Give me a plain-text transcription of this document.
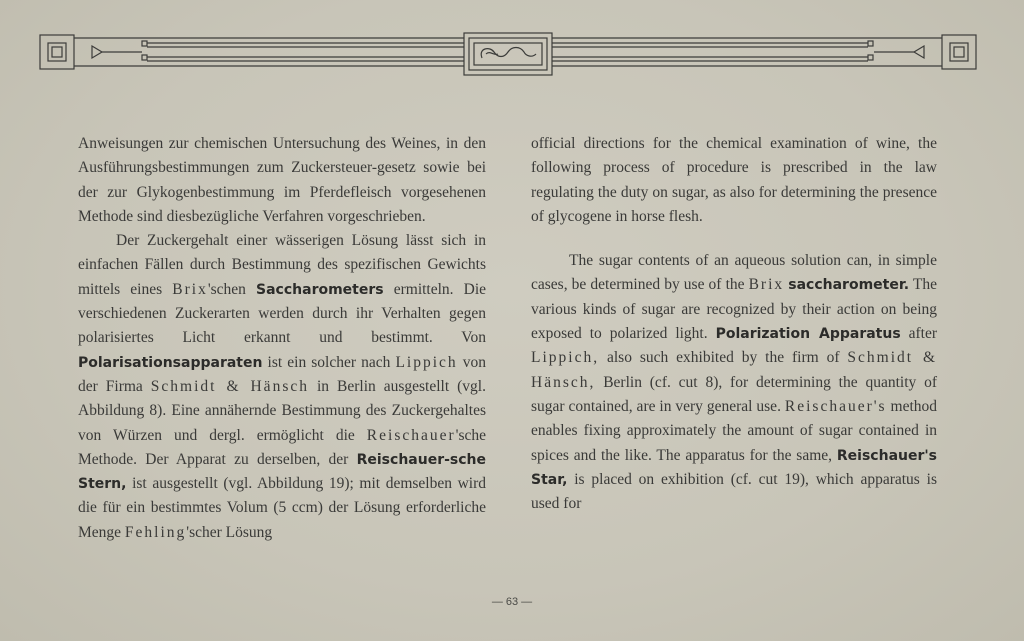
Anweisungen zur chemischen Untersuchung des Weines, in den Ausführungsbestimmungen zum Zuckersteuer-gesetz sowie bei der zur Glykogenbestimmung im Pferdefleisch vorgesehenen Methode sind diesbezügliche Verfahren vorgeschrieben.

Der Zuckergehalt einer wässerigen Lösung lässt sich in einfachen Fällen durch Bestimmung des spezifischen Gewichts mittels eines Brix'schen Saccharometers ermitteln. Die verschiedenen Zuckerarten werden durch ihr Verhalten gegen polarisiertes Licht erkannt und bestimmt. Von Polarisationsapparaten ist ein solcher nach Lippich von der Firma Schmidt & Hänsch in Berlin ausgestellt (vgl. Abbildung 8). Eine annähernde Bestimmung des Zuckergehaltes von Würzen und dergl. ermöglicht die Reischauer'sche Methode. Der Apparat zu derselben, der Reischauer-sche Stern, ist ausgestellt (vgl. Abbildung 19); mit demselben wird die für ein bestimmtes Volum (5 ccm) der Lösung erforderliche Menge Fehling'scher Lösung

official directions for the chemical examination of wine, the following process of procedure is prescribed in the law regulating the duty on sugar, as also for determining the presence of glycogene in horse flesh.

The sugar contents of an aqueous solution can, in simple cases, be determined by use of the Brix saccharometer. The various kinds of sugar are recognized by their action on being exposed to polarized light. Polarization Apparatus after Lippich, also such exhibited by the firm of Schmidt & Hänsch, Berlin (cf. cut 8), for determining the quantity of sugar contained, are in very general use. Reischauer's method enables fixing approximately the amount of sugar contained in spices and the like. The apparatus for the same, Reischauer's Star, is placed on exhibition (cf. cut 19), which apparatus is used for

— 63 —
